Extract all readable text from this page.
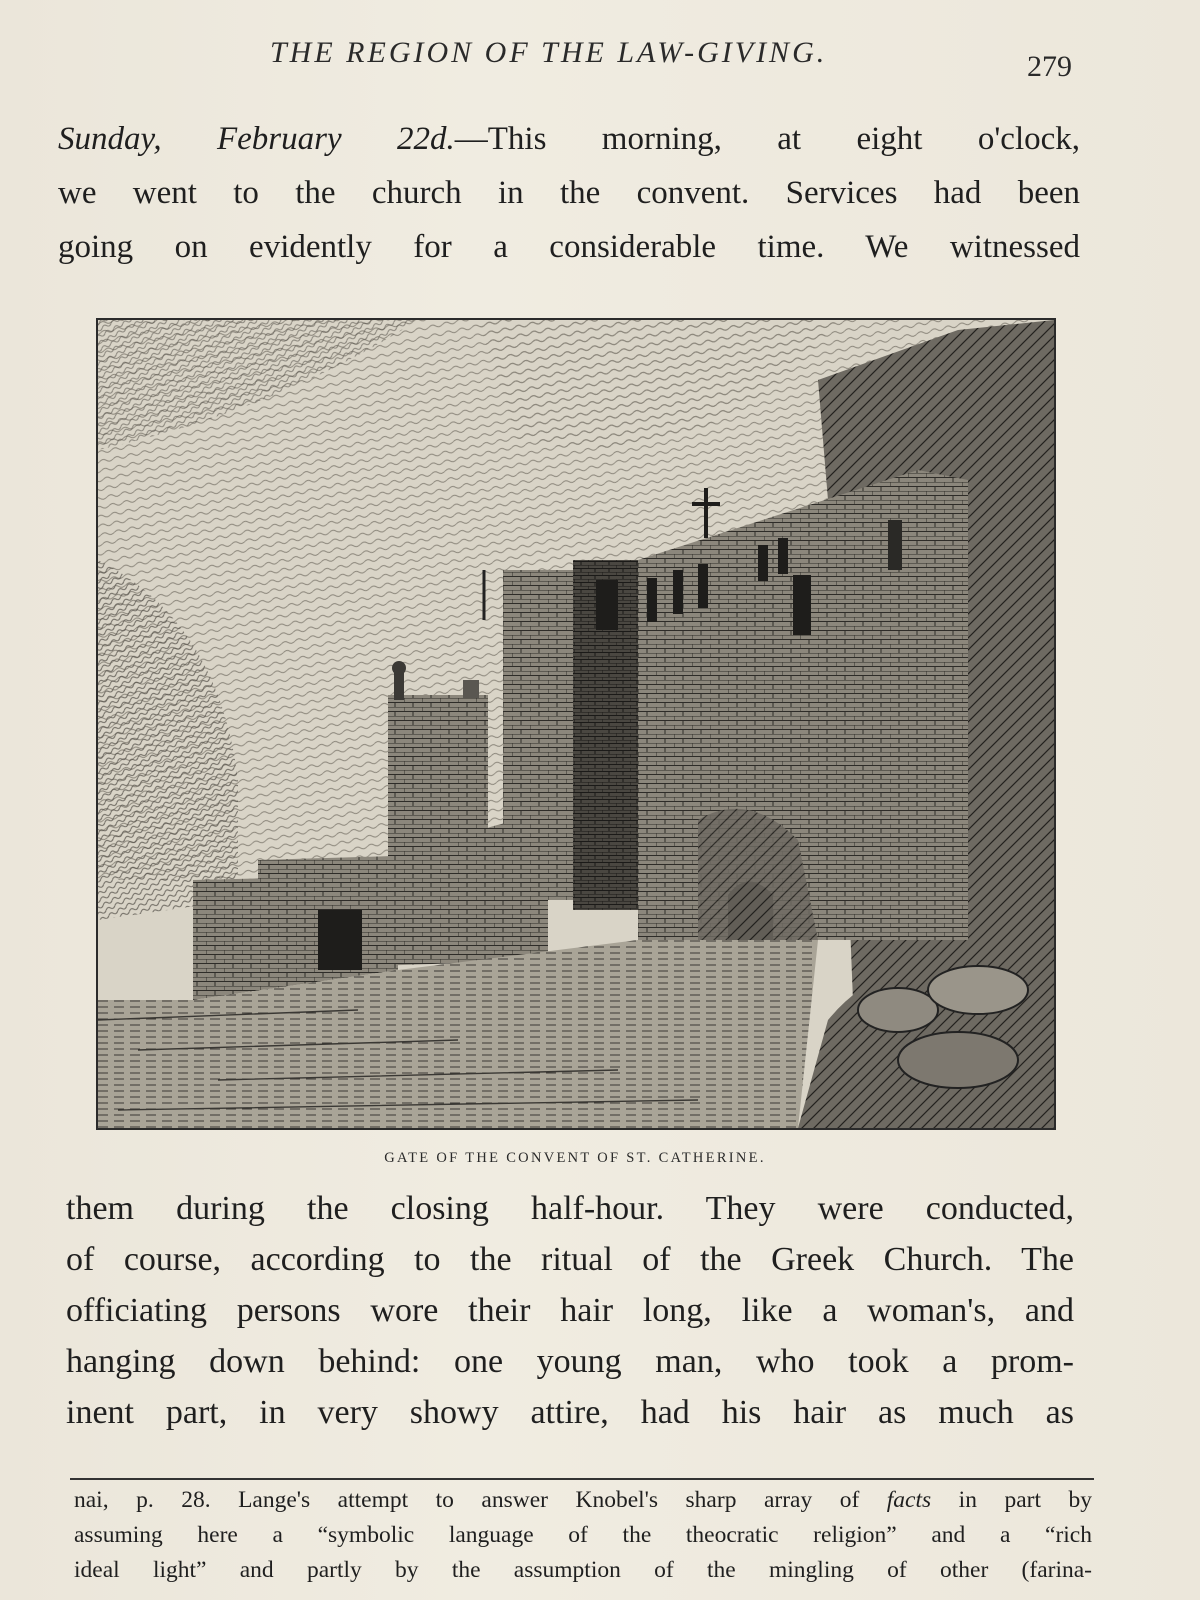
THE REGION OF THE LAW-GIVING.	279
Sunday, February 22d.—This morning, at eight o'clock,
we went to the church in the convent. Services had been
going on evidently for a considerable time. We witnessed
GATE OF THE CONVENT OF ST. CATHERINE.
them during the closing half-hour. They were conducted,
of course, according to the ritual of the Greek Church. The
officiating persons wore their hair long, like a woman's, and
hanging down behind: one young man, who took a prom-
inent part, in very showy attire, had his hair as much as
nai, p. 28. Lange's attempt to answer Knobel's sharp array of facts in part by
assuming here a “symbolic language of the theocratic religion” and a “rich
ideal light” and partly by the assumption of the mingling of other (farina-
